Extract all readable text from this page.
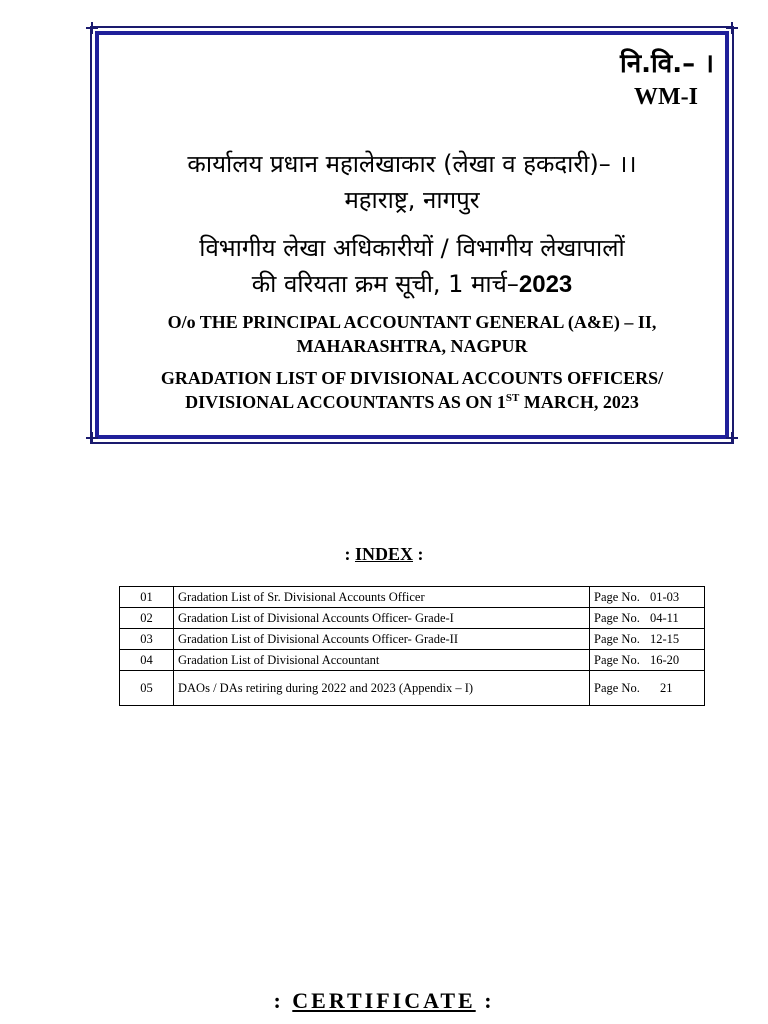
नि.वि.– ।
WM-I
कार्यालय प्रधान महालेखाकार (लेखा व हकदारी)– ।।
महाराष्ट्र, नागपुर
विभागीय लेखा अधिकारीयों / विभागीय लेखापालों
की वरियता क्रम सूची, 1 मार्च–2023
O/o THE PRINCIPAL ACCOUNTANT GENERAL (A&E) – II,
MAHARASHTRA, NAGPUR
GRADATION LIST OF DIVISIONAL ACCOUNTS OFFICERS/
DIVISIONAL ACCOUNTANTS AS ON 1ST MARCH, 2023
: INDEX :
01	Gradation List of Sr. Divisional Accounts Officer	Page No. 01-03
02	Gradation List of Divisional Accounts Officer- Grade-I	Page No. 04-11
03	Gradation List of Divisional Accounts Officer- Grade-II	Page No. 12-15
04	Gradation List of Divisional Accountant	Page No. 16-20
05	DAOs / DAs retiring during 2022 and 2023 (Appendix – I)	Page No. 21
: CERTIFICATE :
